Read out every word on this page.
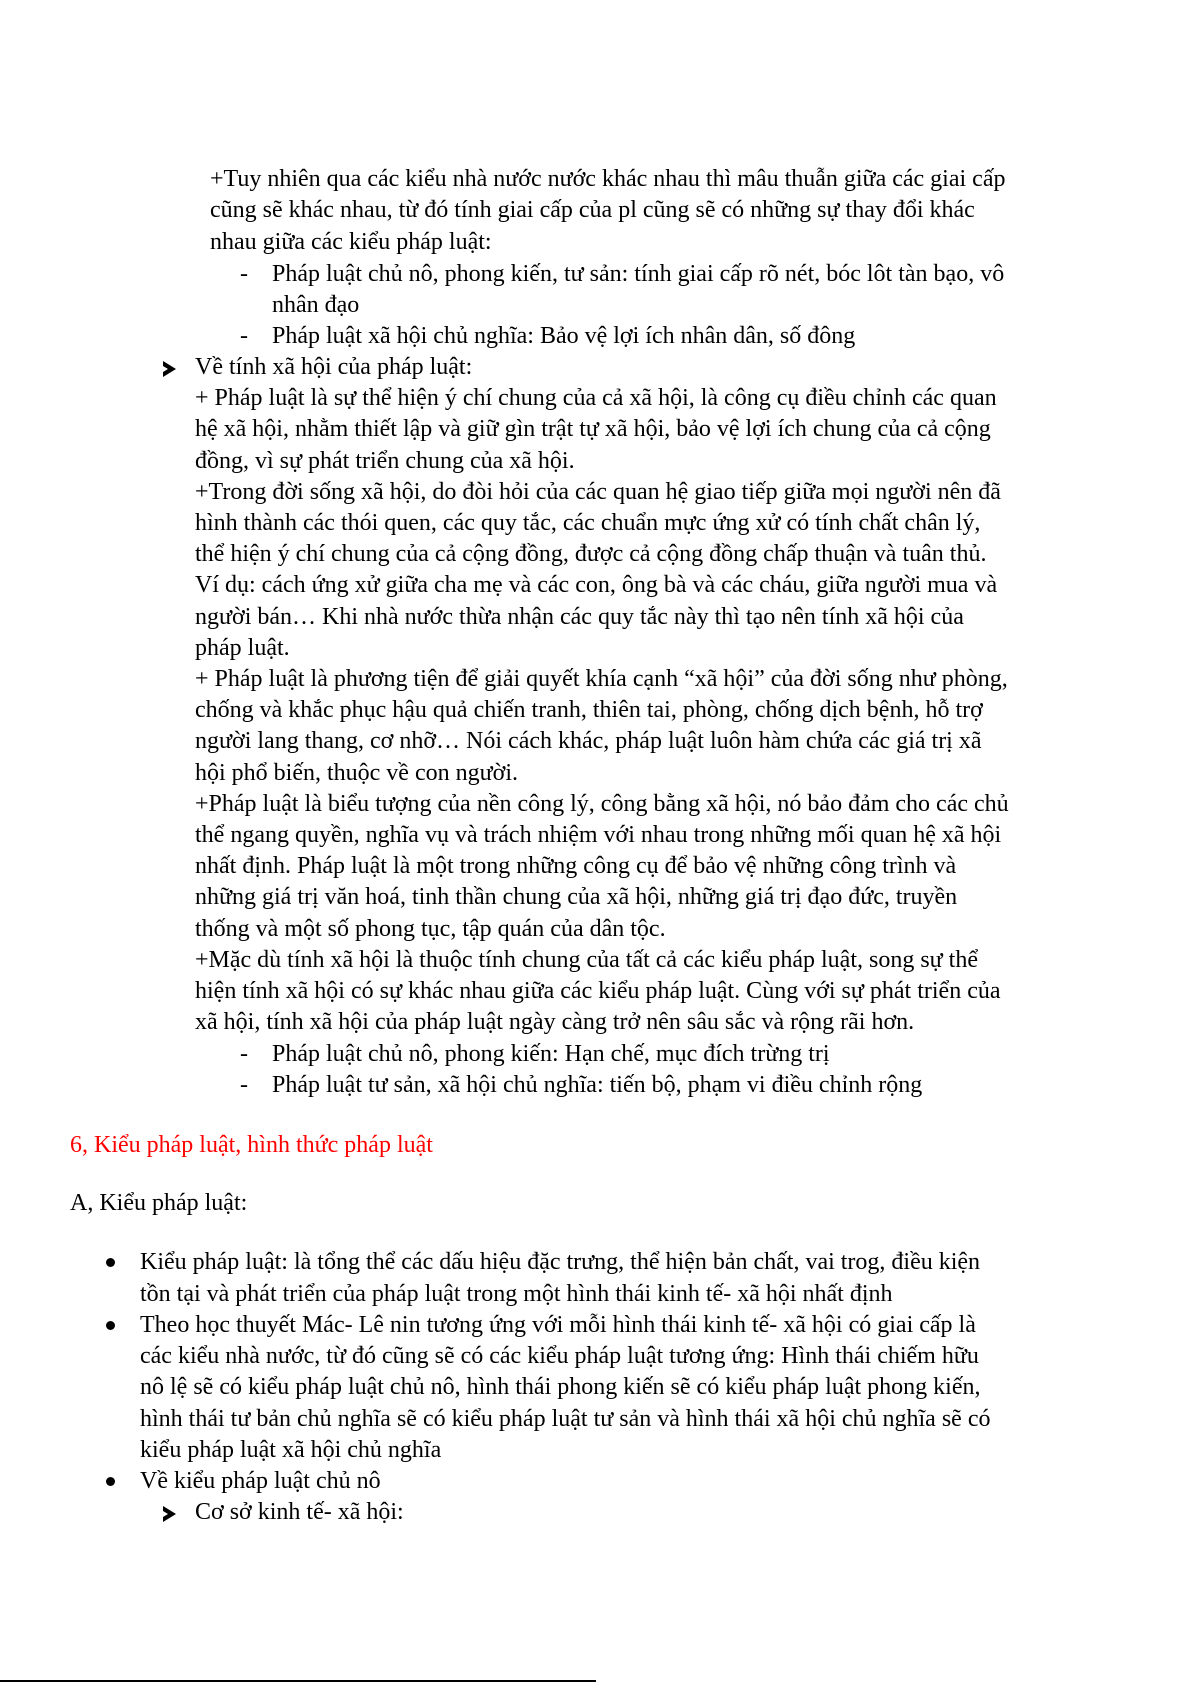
+Tuy nhiên qua các kiểu nhà nước nước khác nhau thì mâu thuẫn giữa các giai cấp
cũng sẽ khác nhau, từ đó tính giai cấp của pl cũng sẽ có những sự thay đổi khác
nhau giữa các kiểu pháp luật:
- Pháp luật chủ nô, phong kiến, tư sản: tính giai cấp rõ nét, bóc lôt tàn bạo, vô
nhân đạo
- Pháp luật xã hội chủ nghĩa: Bảo vệ lợi ích nhân dân, số đông
Về tính xã hội của pháp luật:
+ Pháp luật là sự thể hiện ý chí chung của cả xã hội, là công cụ điều chỉnh các quan
hệ xã hội, nhằm thiết lập và giữ gìn trật tự xã hội, bảo vệ lợi ích chung của cả cộng
đồng, vì sự phát triển chung của xã hội.
+Trong đời sống xã hội, do đòi hỏi của các quan hệ giao tiếp giữa mọi người nên đã
hình thành các thói quen, các quy tắc, các chuẩn mực ứng xử có tính chất chân lý,
thể hiện ý chí chung của cả cộng đồng, được cả cộng đồng chấp thuận và tuân thủ.
Ví dụ: cách ứng xử giữa cha mẹ và các con, ông bà và các cháu, giữa người mua và
người bán… Khi nhà nước thừa nhận các quy tắc này thì tạo nên tính xã hội của
pháp luật.
+ Pháp luật là phương tiện để giải quyết khía cạnh “xã hội” của đời sống như phòng,
chống và khắc phục hậu quả chiến tranh, thiên tai, phòng, chống dịch bệnh, hỗ trợ
người lang thang, cơ nhỡ… Nói cách khác, pháp luật luôn hàm chứa các giá trị xã
hội phổ biến, thuộc về con người.
+Pháp luật là biểu tượng của nền công lý, công bằng xã hội, nó bảo đảm cho các chủ
thể ngang quyền, nghĩa vụ và trách nhiệm với nhau trong những mối quan hệ xã hội
nhất định. Pháp luật là một trong những công cụ để bảo vệ những công trình và
những giá trị văn hoá, tinh thần chung của xã hội, những giá trị đạo đức, truyền
thống và một số phong tục, tập quán của dân tộc.
+Mặc dù tính xã hội là thuộc tính chung của tất cả các kiểu pháp luật, song sự thể
hiện tính xã hội có sự khác nhau giữa các kiểu pháp luật. Cùng với sự phát triển của
xã hội, tính xã hội của pháp luật ngày càng trở nên sâu sắc và rộng rãi hơn.
- Pháp luật chủ nô, phong kiến: Hạn chế, mục đích trừng trị
- Pháp luật tư sản, xã hội chủ nghĩa: tiến bộ, phạm vi điều chỉnh rộng
6, Kiểu pháp luật, hình thức pháp luật
A, Kiểu pháp luật:
Kiểu pháp luật: là tổng thể các dấu hiệu đặc trưng, thể hiện bản chất, vai trog, điều kiện
tồn tại và phát triển của pháp luật trong một hình thái kinh tế- xã hội nhất định
Theo học thuyết Mác- Lê nin tương ứng với mỗi hình thái kinh tế- xã hội có giai cấp là
các kiểu nhà nước, từ đó cũng sẽ có các kiểu pháp luật tương ứng: Hình thái chiếm hữu
nô lệ sẽ có kiểu pháp luật chủ nô, hình thái phong kiến sẽ có kiểu pháp luật phong kiến,
hình thái tư bản chủ nghĩa sẽ có kiểu pháp luật tư sản và hình thái xã hội chủ nghĩa sẽ có
kiểu pháp luật xã hội chủ nghĩa
Về kiểu pháp luật chủ nô
Cơ sở kinh tế- xã hội:
